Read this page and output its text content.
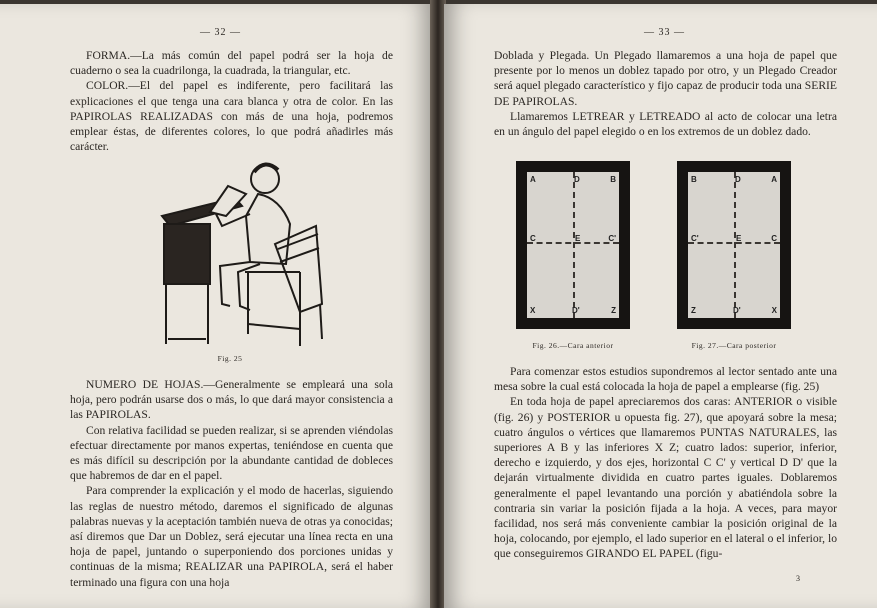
— 32 —

FORMA.—La más común del papel podrá ser la hoja de cuaderno o sea la cuadrilonga, la cuadrada, la triangular, etc.

COLOR.—El del papel es indiferente, pero facilitará las explicaciones el que tenga una cara blanca y otra de color. En las PAPIROLAS REALIZADAS con más de una hoja, podremos emplear éstas, de diferentes colores, lo que podrá añadirles más carácter.

Fig. 25

NUMERO DE HOJAS.—Generalmente se empleará una sola hoja, pero podrán usarse dos o más, lo que dará mayor consistencia a las PAPIROLAS.

Con relativa facilidad se pueden realizar, si se aprenden viéndolas efectuar directamente por manos expertas, teniéndose en cuenta que es más difícil su descripción por la abundante cantidad de dobleces que habremos de dar en el papel.

Para comprender la explicación y el modo de hacerlas, siguiendo las reglas de nuestro método, daremos el significado de algunas palabras nuevas y la aceptación también nueva de otras ya conocidas; así diremos que Dar un Doblez, será ejecutar una línea recta en una hoja de papel, juntando o superponiendo dos porciones unidas y continuas de la misma; REALIZAR una PAPIROLA, será el haber terminado una figura con una hoja

— 33 —

Doblada y Plegada. Un Plegado llamaremos a una hoja de papel que presente por lo menos un doblez tapado por otro, y un Plegado Creador será aquel plegado característico y fijo capaz de producir toda una SERIE DE PAPIROLAS.

Llamaremos LETREAR y LETREADO al acto de colocar una letra en un ángulo del papel elegido o en los extremos de un doblez dado.

A	D	B
C	E	C'
X	D'	Z
Fig. 26.—Cara anterior
B	D	A
C'	E	C
Z	D'	X
Fig. 27.—Cara posterior

Para comenzar estos estudios supondremos al lector sentado ante una mesa sobre la cual está colocada la hoja de papel a emplearse (fig. 25)

En toda hoja de papel apreciaremos dos caras: ANTERIOR o visible (fig. 26) y POSTERIOR u opuesta fig. 27), que apoyará sobre la mesa; cuatro ángulos o vértices que llamaremos PUNTAS NATURALES, las superiores A B y las inferiores X Z; cuatro lados: superior, inferior, derecho e izquierdo, y dos ejes, horizontal C C' y vertical D D' que la dejarán virtualmente dividida en cuatro partes iguales. Doblaremos generalmente el papel levantando una porción y abatiéndola sobre la contraria sin variar la posición fijada a la hoja. A veces, para mayor facilidad, nos será más conveniente cambiar la posición original de la hoja, colocando, por ejemplo, el lado superior en el lateral o el inferior, lo que conseguiremos GIRANDO EL PAPEL (figu-

3
